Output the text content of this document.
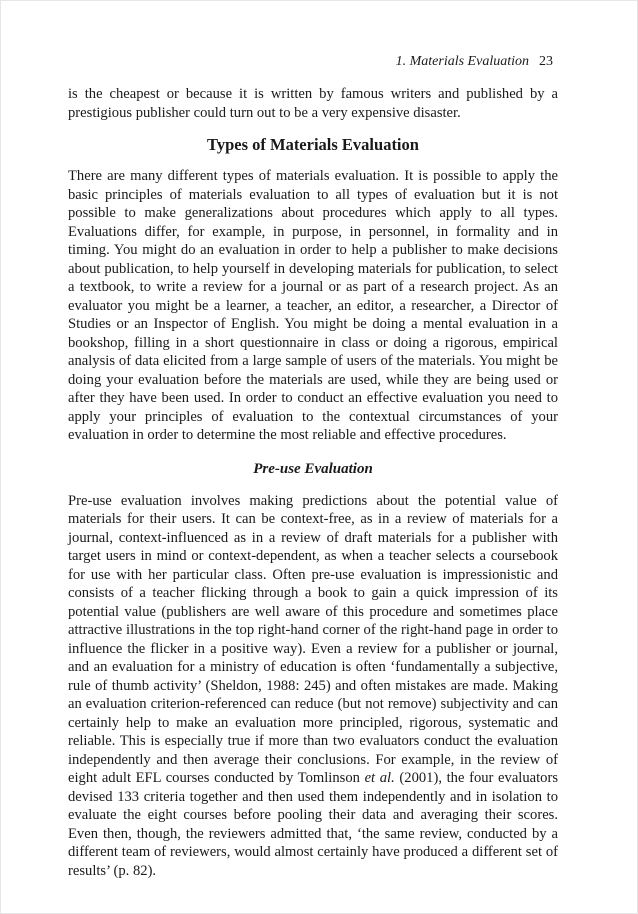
1. Materials Evaluation 23

is the cheapest or because it is written by famous writers and published by a prestigious publisher could turn out to be a very expensive disaster.

Types of Materials Evaluation

There are many different types of materials evaluation. It is possible to apply the basic principles of materials evaluation to all types of evaluation but it is not possible to make generalizations about procedures which apply to all types. Evaluations differ, for example, in purpose, in personnel, in formality and in timing. You might do an evaluation in order to help a publisher to make decisions about publication, to help yourself in developing materials for publication, to select a textbook, to write a review for a journal or as part of a research project. As an evaluator you might be a learner, a teacher, an editor, a researcher, a Director of Studies or an Inspector of English. You might be doing a mental evaluation in a bookshop, filling in a short questionnaire in class or doing a rigorous, empirical analysis of data elicited from a large sample of users of the materials. You might be doing your evaluation before the materials are used, while they are being used or after they have been used. In order to conduct an effective evaluation you need to apply your principles of evaluation to the contextual circumstances of your evaluation in order to determine the most reliable and effective procedures.

Pre-use Evaluation

Pre-use evaluation involves making predictions about the potential value of materials for their users. It can be context-free, as in a review of materials for a journal, context-influenced as in a review of draft materials for a publisher with target users in mind or context-dependent, as when a teacher selects a coursebook for use with her particular class. Often pre-use evaluation is impressionistic and consists of a teacher flicking through a book to gain a quick impression of its potential value (publishers are well aware of this procedure and sometimes place attractive illustrations in the top right-hand corner of the right-hand page in order to influence the flicker in a positive way). Even a review for a publisher or journal, and an evaluation for a ministry of education is often ‘fundamentally a subjective, rule of thumb activity’ (Sheldon, 1988: 245) and often mistakes are made. Making an evaluation criterion-referenced can reduce (but not remove) subjectivity and can certainly help to make an evaluation more principled, rigorous, systematic and reliable. This is especially true if more than two evaluators conduct the evaluation independently and then average their conclusions. For example, in the review of eight adult EFL courses conducted by Tomlinson et al. (2001), the four evaluators devised 133 criteria together and then used them independently and in isolation to evaluate the eight courses before pooling their data and averaging their scores. Even then, though, the reviewers admitted that, ‘the same review, conducted by a different team of reviewers, would almost certainly have produced a different set of results’ (p. 82).
